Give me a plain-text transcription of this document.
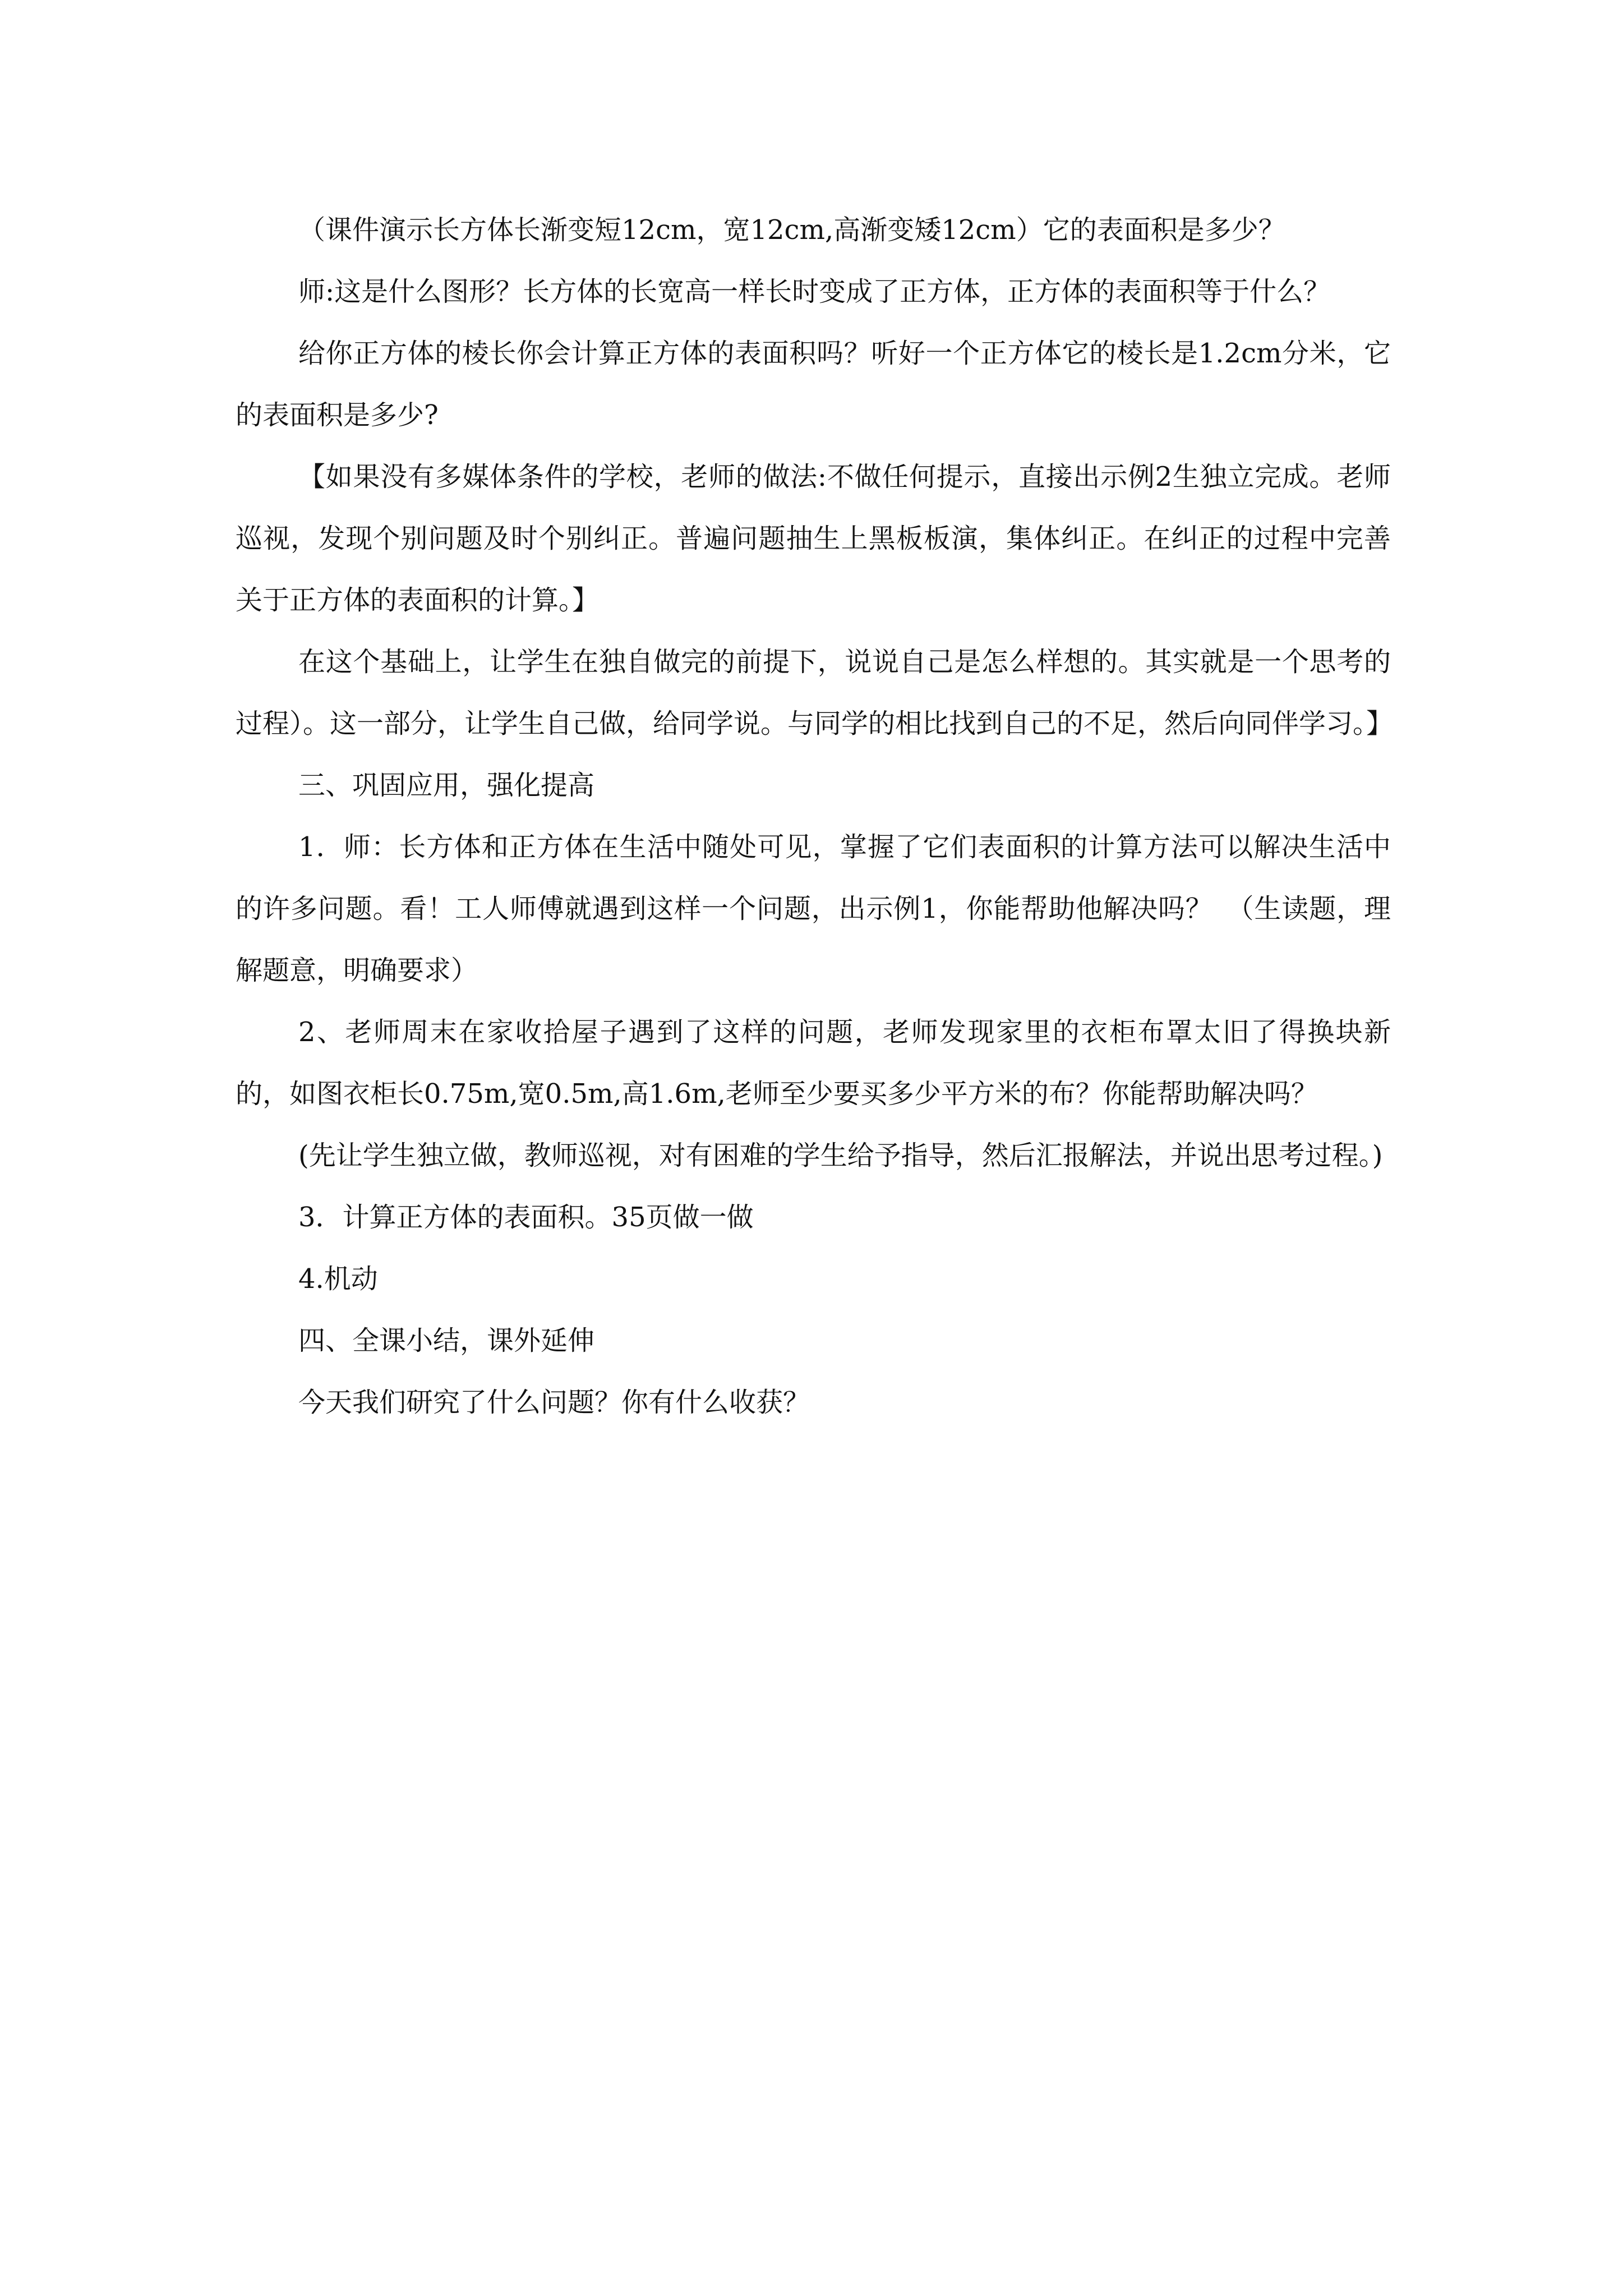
（课件演示长方体长渐变短12cm，宽12cm,高渐变矮12cm）它的表面积是多少？

师:这是什么图形？长方体的长宽高一样长时变成了正方体，正方体的表面积等于什么？

给你正方体的棱长你会计算正方体的表面积吗？听好一个正方体它的棱长是1.2cm分米，它的表面积是多少?

【如果没有多媒体条件的学校，老师的做法:不做任何提示，直接出示例2生独立完成。老师巡视，发现个别问题及时个别纠正。普遍问题抽生上黑板板演，集体纠正。在纠正的过程中完善关于正方体的表面积的计算。】

在这个基础上，让学生在独自做完的前提下，说说自己是怎么样想的。其实就是一个思考的过程）。这一部分，让学生自己做，给同学说。与同学的相比找到自己的不足，然后向同伴学习。】

三、巩固应用，强化提高

1．师：长方体和正方体在生活中随处可见，掌握了它们表面积的计算方法可以解决生活中的许多问题。看！工人师傅就遇到这样一个问题，出示例1，你能帮助他解决吗？　（生读题，理解题意，明确要求）

2、老师周末在家收拾屋子遇到了这样的问题，老师发现家里的衣柜布罩太旧了得换块新的，如图衣柜长0.75m,宽0.5m,高1.6m,老师至少要买多少平方米的布？你能帮助解决吗？

(先让学生独立做，教师巡视，对有困难的学生给予指导，然后汇报解法，并说出思考过程。)

3．计算正方体的表面积。35页做一做

4.机动

四、全课小结，课外延伸

今天我们研究了什么问题？你有什么收获？
